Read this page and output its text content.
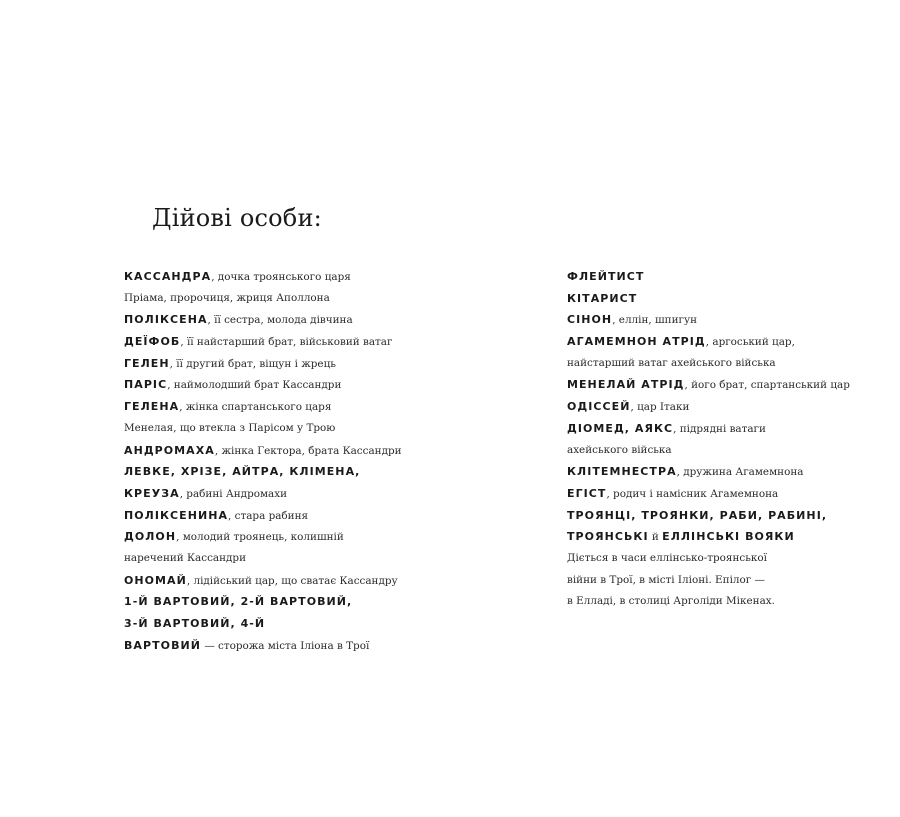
Дійові особи:
КАССАНДРА, дочка троянського царя
Пріама, пророчиця, жриця Аполлона
ПОЛІКСЕНА, її сестра, молода дівчина
ДЕЇФОБ, її найстарший брат, військовий ватаг
ГЕЛЕН, її другий брат, віщун і жрець
ПАРІС, наймолодший брат Кассандри
ГЕЛЕНА, жінка спартанського царя
Менелая, що втекла з Парісом у Трою
АНДРОМАХА, жінка Гектора, брата Кассандри
ЛЕВКЕ, ХРІЗЕ, АЙТРА, КЛІМЕНА,
КРЕУЗА, рабині Андромахи
ПОЛІКСЕНИНА, стара рабиня
ДОЛОН, молодий троянець, колишній
наречений Кассандри
ОНОМАЙ, лідійський цар, що сватає Кассандру
1-Й ВАРТОВИЙ, 2-Й ВАРТОВИЙ,
3-Й ВАРТОВИЙ, 4-Й
ВАРТОВИЙ — сторожа міста Іліона в Трої
ФЛЕЙТИСТ
КІТАРИСТ
СІНОН, еллін, шпигун
АГАМЕМНОН АТРІД, аргоський цар,
найстарший ватаг ахейського війська
МЕНЕЛАЙ АТРІД, його брат, спартанський цар
ОДІССЕЙ, цар Ітаки
ДІОМЕД, АЯКС, підрядні ватаги
ахейського війська
КЛІТЕМНЕСТРА, дружина Агамемнона
ЕГІСТ, родич і намісник Агамемнона
ТРОЯНЦІ, ТРОЯНКИ, РАБИ, РАБИНІ,
ТРОЯНСЬКІ й ЕЛЛІНСЬКІ ВОЯКИ
Діється в часи еллінсько-троянської
війни в Трої, в місті Іліоні. Епілог —
в Елладі, в столиці Арголіди Мікенах.
